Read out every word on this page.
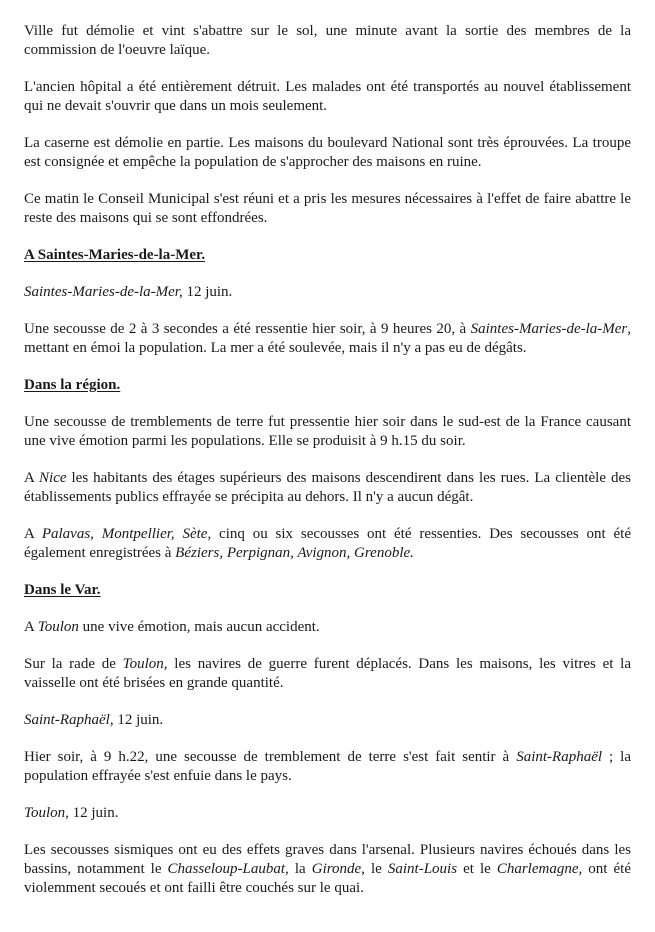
Ville fut démolie et vint s'abattre sur le sol, une minute avant la sortie des membres de la commission de l'oeuvre laïque.

L'ancien hôpital a été entièrement détruit. Les malades ont été transportés au nouvel établissement qui ne devait s'ouvrir que dans un mois seulement.

La caserne est démolie en partie. Les maisons du boulevard National sont très éprouvées. La troupe est consignée et empêche la population de s'approcher des maisons en ruine.

Ce matin le Conseil Municipal s'est réuni et a pris les mesures nécessaires à l'effet de faire abattre le reste des maisons qui se sont effondrées.

A Saintes-Maries-de-la-Mer.

Saintes-Maries-de-la-Mer, 12 juin.

Une secousse de 2 à 3 secondes a été ressentie hier soir, à 9 heures 20, à Saintes-Maries-de-la-Mer, mettant en émoi la population. La mer a été soulevée, mais il n'y a pas eu de dégâts.

Dans la région.

Une secousse de tremblements de terre fut pressentie hier soir dans le sud-est de la France causant une vive émotion parmi les populations. Elle se produisit à 9 h.15 du soir.

A Nice les habitants des étages supérieurs des maisons descendirent dans les rues. La clientèle des établissements publics effrayée se précipita au dehors. Il n'y a aucun dégât.

A Palavas, Montpellier, Sète, cinq ou six secousses ont été ressenties. Des secousses ont été également enregistrées à Béziers, Perpignan, Avignon, Grenoble.

Dans le Var.

A Toulon une vive émotion, mais aucun accident.

Sur la rade de Toulon, les navires de guerre furent déplacés. Dans les maisons, les vitres et la vaisselle ont été brisées en grande quantité.

Saint-Raphaël, 12 juin.

Hier soir, à 9 h.22, une secousse de tremblement de terre s'est fait sentir à Saint-Raphaël ; la population effrayée s'est enfuie dans le pays.

Toulon, 12 juin.

Les secousses sismiques ont eu des effets graves dans l'arsenal. Plusieurs navires échoués dans les bassins, notamment le Chasseloup-Laubat, la Gironde, le Saint-Louis et le Charlemagne, ont été violemment secoués et ont failli être couchés sur le quai.
